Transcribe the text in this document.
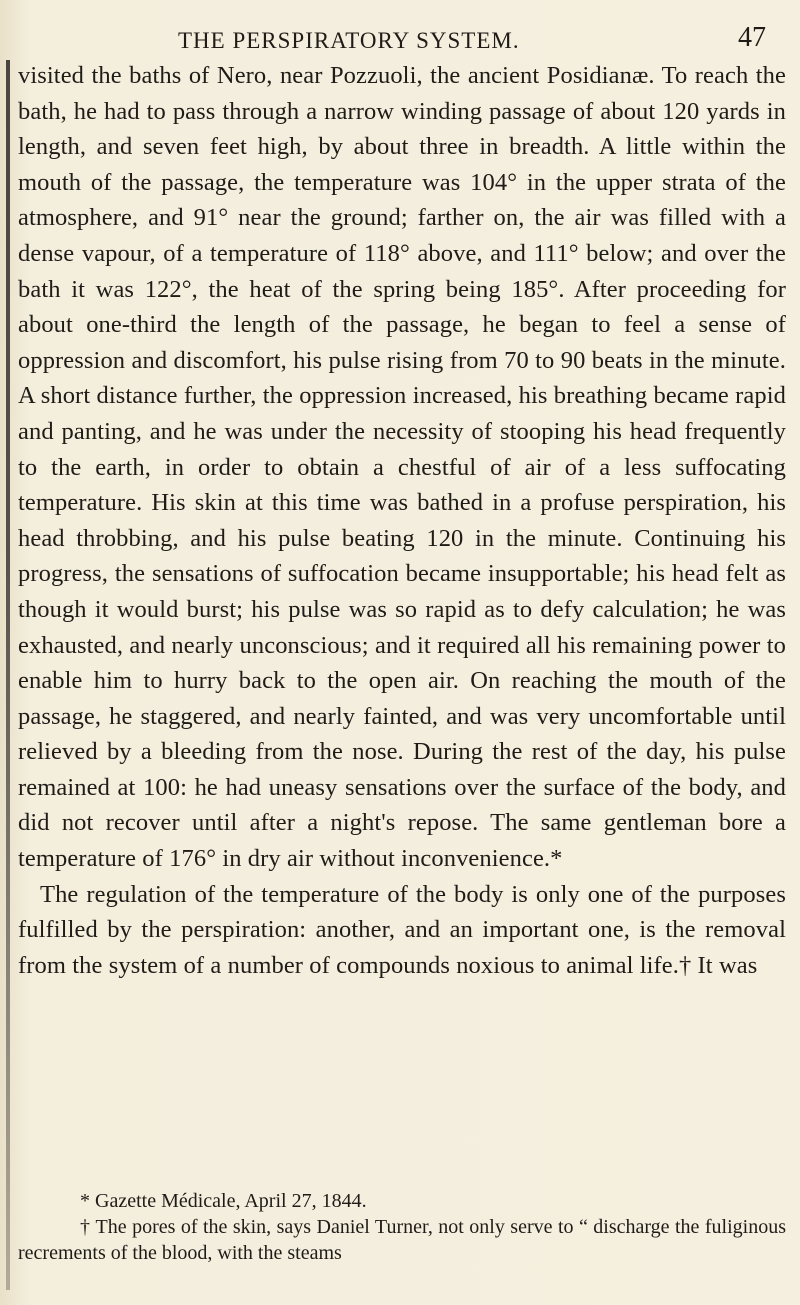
THE PERSPIRATORY SYSTEM.	47

visited the baths of Nero, near Pozzuoli, the ancient Posidianæ. To reach the bath, he had to pass through a narrow winding passage of about 120 yards in length, and seven feet high, by about three in breadth. A little within the mouth of the passage, the temperature was 104° in the upper strata of the atmosphere, and 91° near the ground; farther on, the air was filled with a dense vapour, of a temperature of 118° above, and 111° below; and over the bath it was 122°, the heat of the spring being 185°. After proceeding for about one-third the length of the passage, he began to feel a sense of oppression and discomfort, his pulse rising from 70 to 90 beats in the minute. A short distance further, the oppression increased, his breathing became rapid and panting, and he was under the necessity of stooping his head frequently to the earth, in order to obtain a chestful of air of a less suffocating temperature. His skin at this time was bathed in a profuse perspiration, his head throbbing, and his pulse beating 120 in the minute. Continuing his progress, the sensations of suffocation became insupportable; his head felt as though it would burst; his pulse was so rapid as to defy calculation; he was exhausted, and nearly unconscious; and it required all his remaining power to enable him to hurry back to the open air. On reaching the mouth of the passage, he staggered, and nearly fainted, and was very uncomfortable until relieved by a bleeding from the nose. During the rest of the day, his pulse remained at 100: he had uneasy sensations over the surface of the body, and did not recover until after a night's repose. The same gentleman bore a temperature of 176° in dry air without inconvenience.*

The regulation of the temperature of the body is only one of the purposes fulfilled by the perspiration: another, and an important one, is the removal from the system of a number of compounds noxious to animal life.† It was

* Gazette Médicale, April 27, 1844.

† The pores of the skin, says Daniel Turner, not only serve to “ discharge the fuliginous recrements of the blood, with the steams
